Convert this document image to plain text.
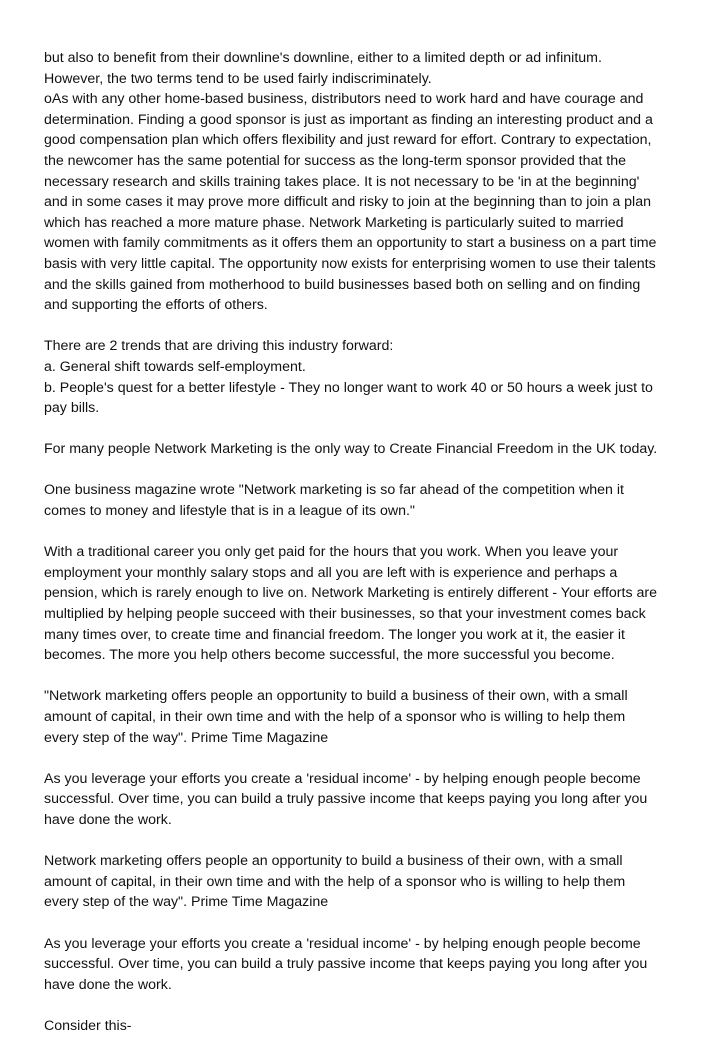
but also to benefit from their downline's downline, either to a limited depth or ad infinitum.
However, the two terms tend to be used fairly indiscriminately.
oAs with any other home-based business, distributors need to work hard and have courage and
determination. Finding a good sponsor is just as important as finding an interesting product and a
good compensation plan which offers flexibility and just reward for effort. Contrary to expectation,
the newcomer has the same potential for success as the long-term sponsor provided that the
necessary research and skills training takes place. It is not necessary to be 'in at the beginning'
and in some cases it may prove more difficult and risky to join at the beginning than to join a plan
which has reached a more mature phase. Network Marketing is particularly suited to married
women with family commitments as it offers them an opportunity to start a business on a part time
basis with very little capital. The opportunity now exists for enterprising women to use their talents
and the skills gained from motherhood to build businesses based both on selling and on finding
and supporting the efforts of others.
There are 2 trends that are driving this industry forward:
a. General shift towards self-employment.
b. People's quest for a better lifestyle - They no longer want to work 40 or 50 hours a week just to
pay bills.
For many people Network Marketing is the only way to Create Financial Freedom in the UK today.
One business magazine wrote "Network marketing is so far ahead of the competition when it
comes to money and lifestyle that is in a league of its own."
With a traditional career you only get paid for the hours that you work. When you leave your
employment your monthly salary stops and all you are left with is experience and perhaps a
pension, which is rarely enough to live on. Network Marketing is entirely different - Your efforts are
multiplied by helping people succeed with their businesses, so that your investment comes back
many times over, to create time and financial freedom. The longer you work at it, the easier it
becomes. The more you help others become successful, the more successful you become.
"Network marketing offers people an opportunity to build a business of their own, with a small
amount of capital, in their own time and with the help of a sponsor who is willing to help them
every step of the way". Prime Time Magazine
As you leverage your efforts you create a 'residual income' - by helping enough people become
successful. Over time, you can build a truly passive income that keeps paying you long after you
have done the work.
Network marketing offers people an opportunity to build a business of their own, with a small
amount of capital, in their own time and with the help of a sponsor who is willing to help them
every step of the way". Prime Time Magazine
As you leverage your efforts you create a 'residual income' - by helping enough people become
successful. Over time, you can build a truly passive income that keeps paying you long after you
have done the work.
Consider this-
